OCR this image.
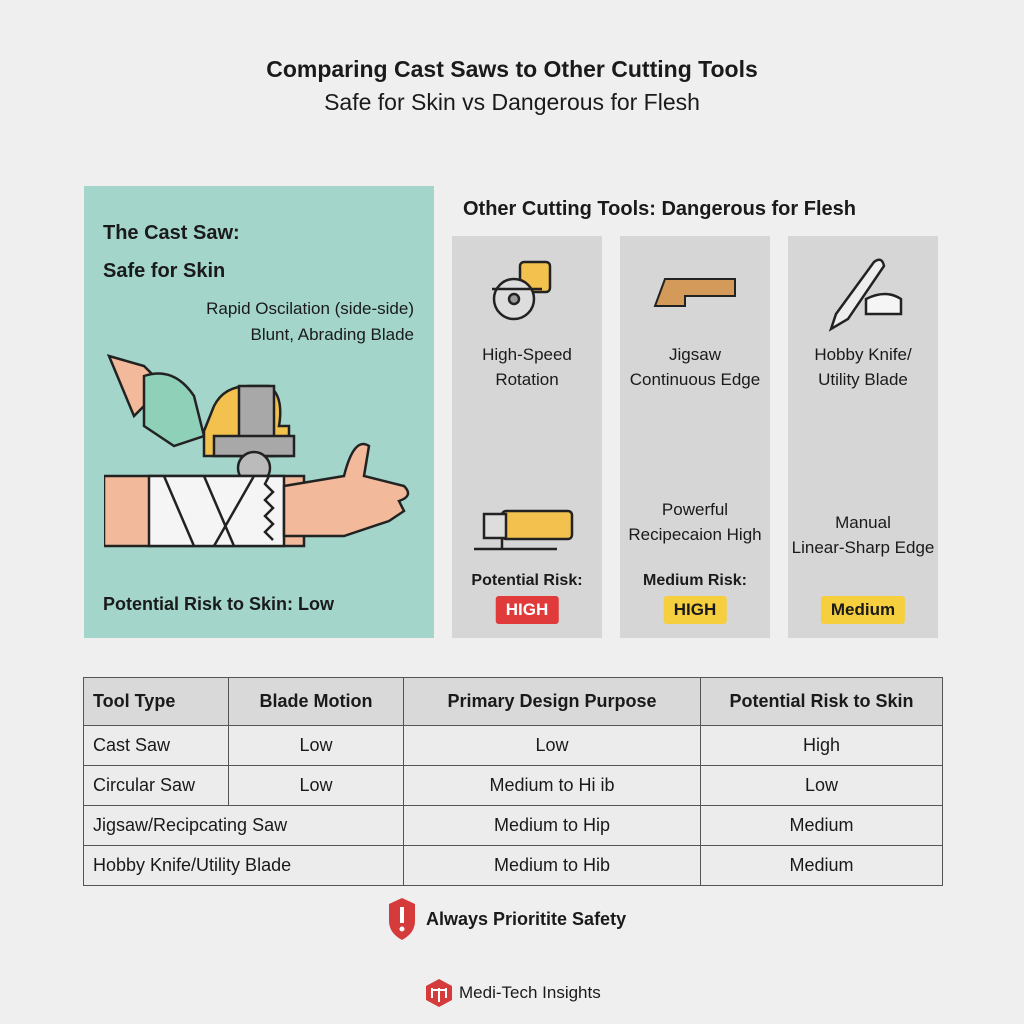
Comparing Cast Saws to Other Cutting Tools
Safe for Skin vs Dangerous for Flesh
The Cast Saw:
Safe for Skin
Rapid Oscilation (side-side)
Blunt, Abrading Blade
Potential Risk to Skin: Low
Other Cutting Tools: Dangerous for Flesh
High-Speed
Rotation
Potential Risk:
HIGH
Jigsaw
Continuous Edge
Powerful
Recipecaion High
Medium Risk:
HIGH
Hobby Knife/
Utility Blade
Manual
Linear-Sharp Edge
Medium
Tool Type	Blade Motion	Primary Design Purpose	Potential Risk to Skin
Cast Saw	Low	Low	High
Circular Saw	Low	Medium to Hi ib	Low
Jigsaw/Recipcating Saw		Medium to Hip	Medium
Hobby Knife/Utility Blade		Medium to Hib	Medium
Always Prioritite Safety
Medi-Tech Insights
